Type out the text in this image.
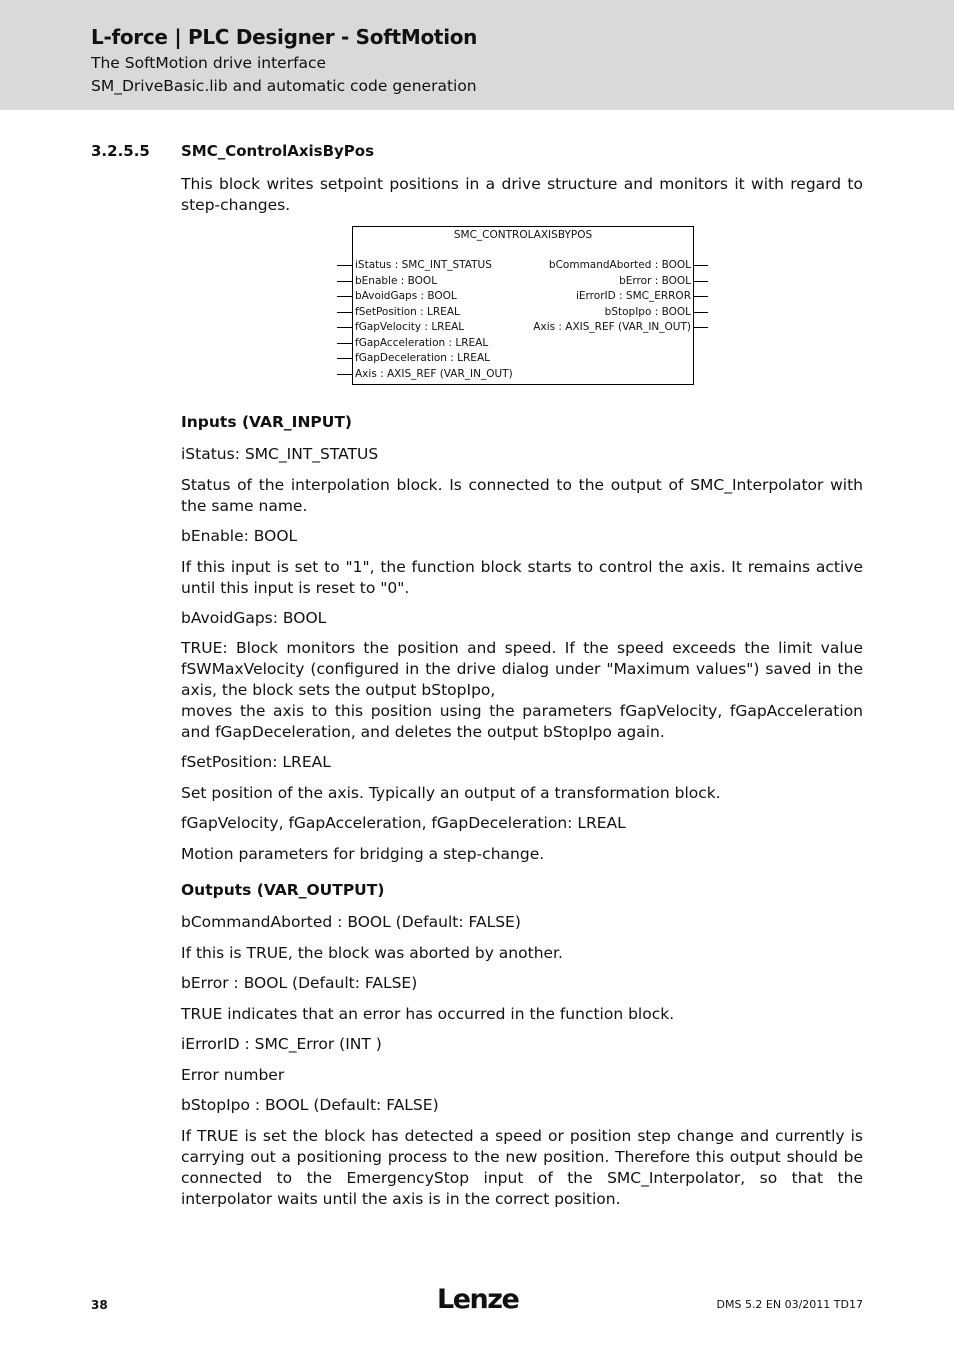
L-force | PLC Designer - SoftMotion
The SoftMotion drive interface
SM_DriveBasic.lib and automatic code generation
3.2.5.5 SMC_ControlAxisByPos
This block writes setpoint positions in a drive structure and monitors it with regard to step-changes.
SMC_CONTROLAXISBYPOS
iStatus : SMC_INT_STATUS
bEnable : BOOL
bAvoidGaps : BOOL
fSetPosition : LREAL
fGapVelocity : LREAL
fGapAcceleration : LREAL
fGapDeceleration : LREAL
Axis : AXIS_REF (VAR_IN_OUT)
bCommandAborted : BOOL
bError : BOOL
iErrorID : SMC_ERROR
bStopIpo : BOOL
Axis : AXIS_REF (VAR_IN_OUT)
Inputs (VAR_INPUT)
iStatus: SMC_INT_STATUS
Status of the interpolation block. Is connected to the output of SMC_Interpolator with the same name.
bEnable: BOOL
If this input is set to "1", the function block starts to control the axis. It remains active until this input is reset to "0".
bAvoidGaps: BOOL
TRUE: Block monitors the position and speed. If the speed exceeds the limit value fSWMaxVelocity (configured in the drive dialog under "Maximum values") saved in the axis, the block sets the output bStopIpo,
moves the axis to this position using the parameters fGapVelocity, fGapAcceleration and fGapDeceleration, and deletes the output bStopIpo again.
fSetPosition: LREAL
Set position of the axis. Typically an output of a transformation block.
fGapVelocity, fGapAcceleration, fGapDeceleration: LREAL
Motion parameters for bridging a step-change.
Outputs (VAR_OUTPUT)
bCommandAborted : BOOL (Default: FALSE)
If this is TRUE, the block was aborted by another.
bError : BOOL (Default: FALSE)
TRUE indicates that an error has occurred in the function block.
iErrorID : SMC_Error (INT )
Error number
bStopIpo : BOOL (Default: FALSE)
If TRUE is set the block has detected a speed or position step change and currently is carrying out a positioning process to the new position. Therefore this output should be connected to the EmergencyStop input of the SMC_Interpolator, so that the interpolator waits until the axis is in the correct position.
38	Lenze	DMS 5.2 EN 03/2011 TD17
